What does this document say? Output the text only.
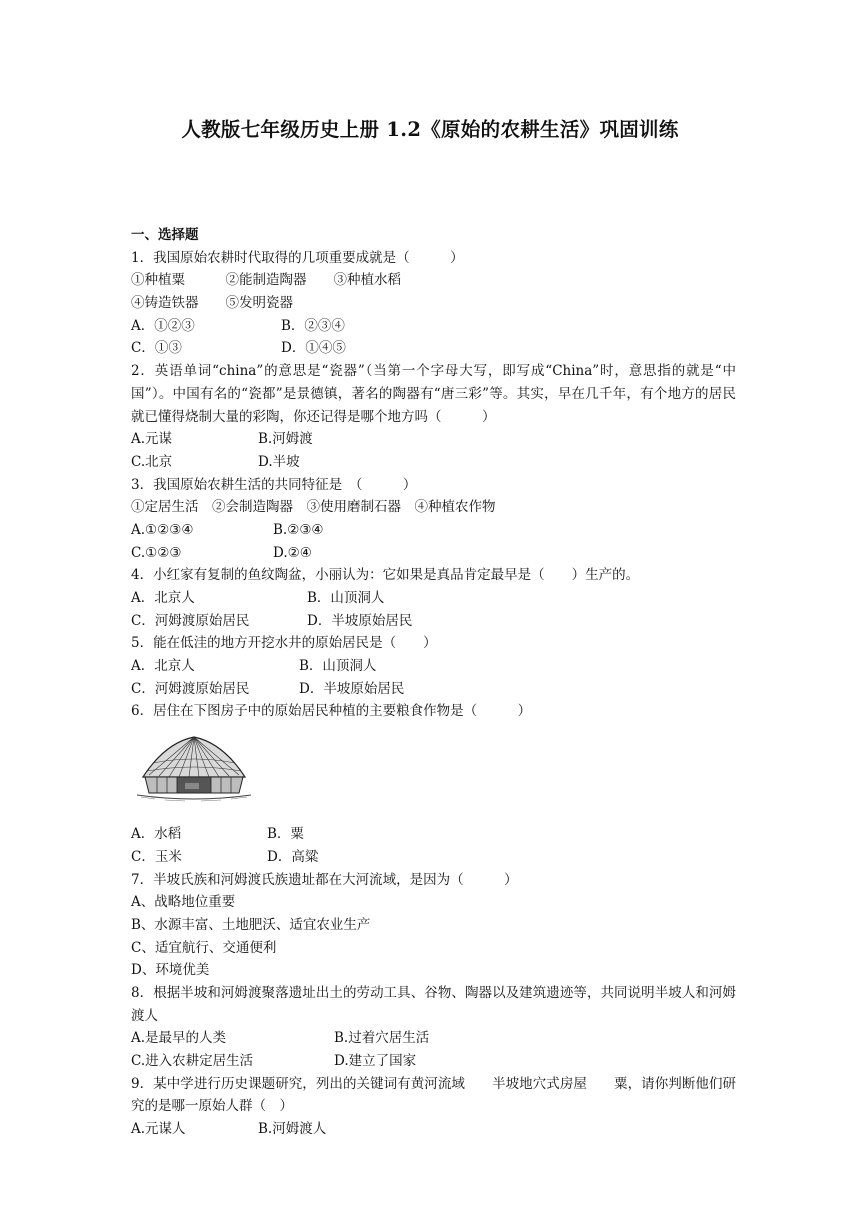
人教版七年级历史上册 1.2《原始的农耕生活》巩固训练
一、选择题
1．我国原始农耕时代取得的几项重要成就是（　　　）
①种植粟　　　②能制造陶器　　③种植水稻
④铸造铁器　　⑤发明瓷器
A．①②③	B．②③④
C．①③	D．①④⑤
2．英语单词“china”的意思是“瓷器”（当第一个字母大写，即写成“China”时，意思指的就是“中国”）。中国有名的“瓷都”是景德镇，著名的陶器有“唐三彩”等。其实，早在几千年，有个地方的居民就已懂得烧制大量的彩陶，你还记得是哪个地方吗（　　　）
A.元谋	B.河姆渡
C.北京	D.半坡
3．我国原始农耕生活的共同特征是　（　　　）
①定居生活　②会制造陶器　③使用磨制石器　④种植农作物
A.①②③④	B.②③④
C.①②③	D.②④
4．小红家有复制的鱼纹陶盆，小丽认为：它如果是真品肯定最早是（　　）生产的。
A．北京人	B．山顶洞人
C．河姆渡原始居民	D．半坡原始居民
5．能在低洼的地方开挖水井的原始居民是（　　）
A．北京人	B．山顶洞人
C．河姆渡原始居民	D．半坡原始居民
6．居住在下图房子中的原始居民种植的主要粮食作物是（　　　）
A．水稻	B．粟
C．玉米	D．高粱
7．半坡氏族和河姆渡氏族遗址都在大河流域，是因为（　　　）
A、战略地位重要
B、水源丰富、土地肥沃、适宜农业生产
C、适宜航行、交通便利
D、环境优美
8．根据半坡和河姆渡聚落遗址出土的劳动工具、谷物、陶器以及建筑遗迹等，共同说明半坡人和河姆渡人
A.是最早的人类	B.过着穴居生活
C.进入农耕定居生活	D.建立了国家
9．某中学进行历史课题研究，列出的关键词有黄河流域　　半坡地穴式房屋　　粟，请你判断他们研究的是哪一原始人群（　）
A.元谋人	B.河姆渡人
